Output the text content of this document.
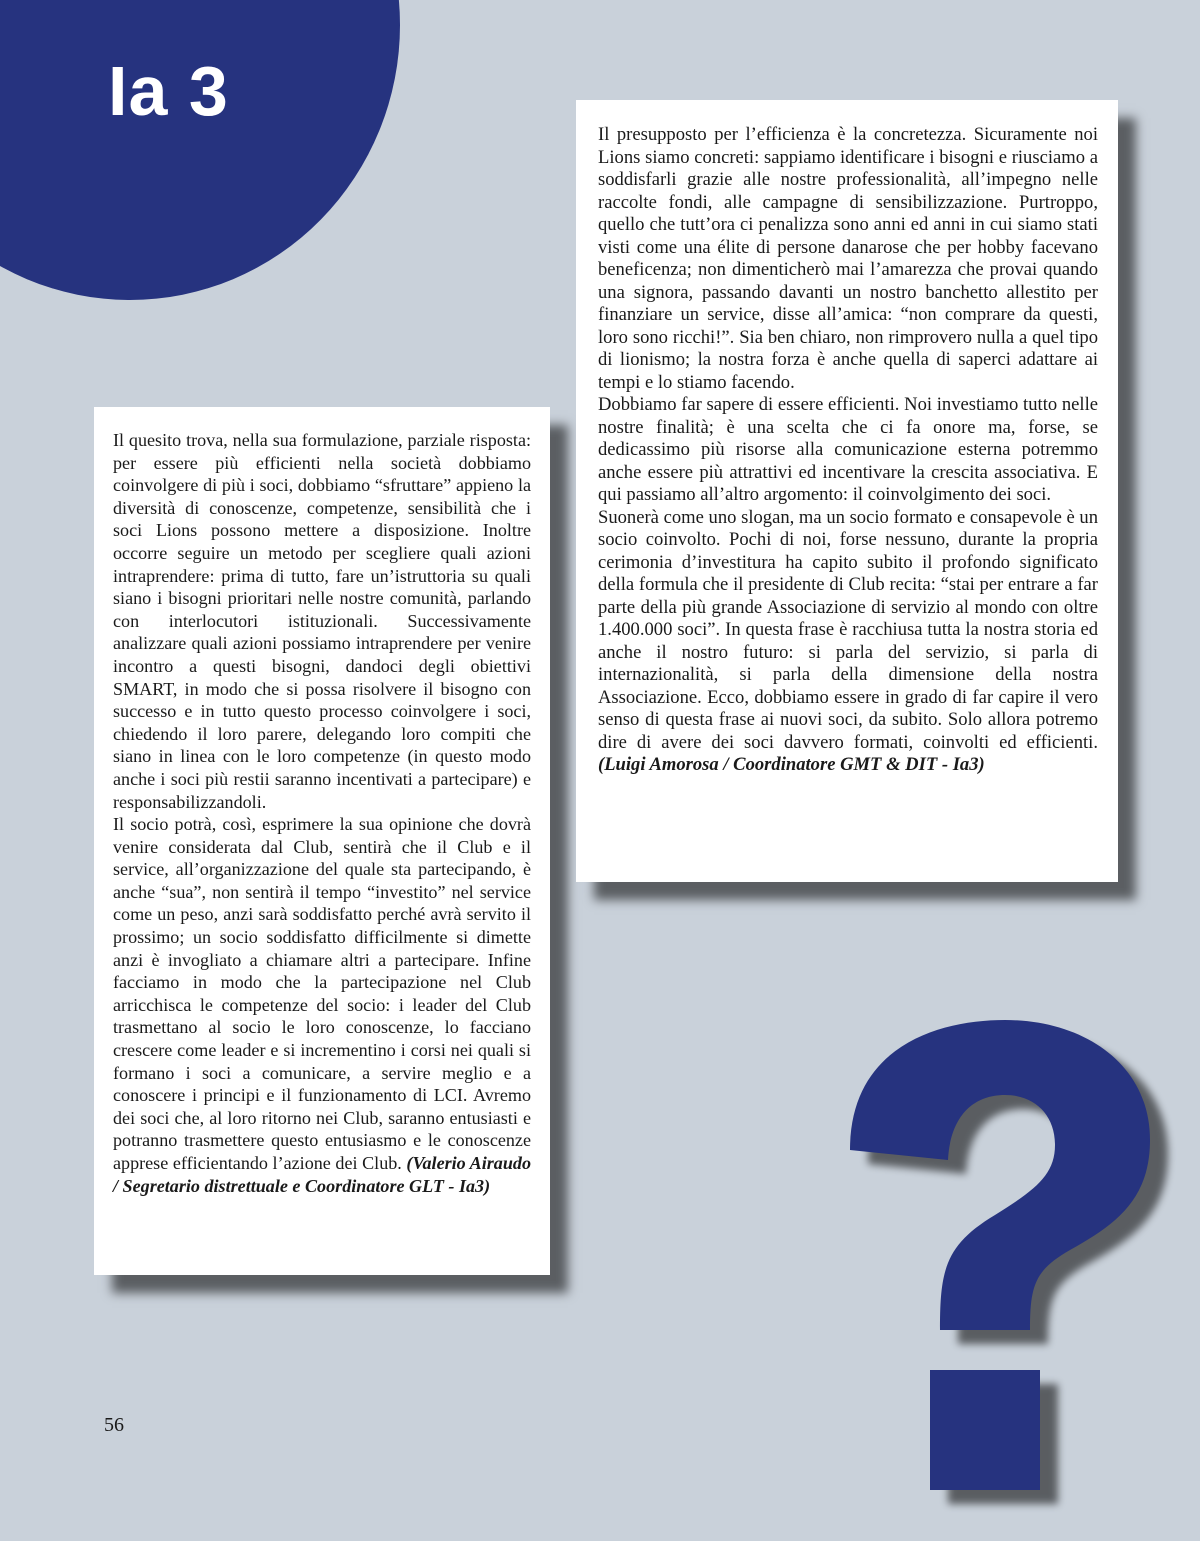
Ia 3

Il quesito trova, nella sua formulazione, parziale risposta: per essere più efficienti nella società dobbiamo coinvolgere di più i soci, dobbiamo “sfruttare” appieno la diversità di conoscenze, competenze, sensibilità che i soci Lions possono mettere a disposizione. Inoltre occorre seguire un metodo per scegliere quali azioni intraprendere: prima di tutto, fare un’istruttoria su quali siano i bisogni prioritari nelle nostre comunità, parlando con interlocutori istituzionali. Successivamente analizzare quali azioni possiamo intraprendere per venire incontro a questi bisogni, dandoci degli obiettivi SMART, in modo che si possa risolvere il bisogno con successo e in tutto questo processo coinvolgere i soci, chiedendo il loro parere, delegando loro compiti che siano in linea con le loro competenze (in questo modo anche i soci più restii saranno incentivati a partecipare) e responsabilizzandoli.

Il socio potrà, così, esprimere la sua opinione che dovrà venire considerata dal Club, sentirà che il Club e il service, all’organizzazione del quale sta partecipando, è anche “sua”, non sentirà il tempo “investito” nel service come un peso, anzi sarà soddisfatto perché avrà servito il prossimo; un socio soddisfatto difficilmente si dimette anzi è invogliato a chiamare altri a partecipare. Infine facciamo in modo che la partecipazione nel Club arricchisca le competenze del socio: i leader del Club trasmettano al socio le loro conoscenze, lo facciano crescere come leader e si incrementino i corsi nei quali si formano i soci a comunicare, a servire meglio e a conoscere i principi e il funzionamento di LCI. Avremo dei soci che, al loro ritorno nei Club, saranno entusiasti e potranno trasmettere questo entusiasmo e le conoscenze apprese efficientando l’azione dei Club. (Valerio Airaudo / Segretario distrettuale e Coordinatore GLT - Ia3)

Il presupposto per l’efficienza è la concretezza. Sicuramente noi Lions siamo concreti: sappiamo identificare i bisogni e riusciamo a soddisfarli grazie alle nostre professionalità, all’impegno nelle raccolte fondi, alle campagne di sensibilizzazione. Purtroppo, quello che tutt’ora ci penalizza sono anni ed anni in cui siamo stati visti come una élite di persone danarose che per hobby facevano beneficenza; non dimenticherò mai l’amarezza che provai quando una signora, passando davanti un nostro banchetto allestito per finanziare un service, disse all’amica: “non comprare da questi, loro sono ricchi!”. Sia ben chiaro, non rimprovero nulla a quel tipo di lionismo; la nostra forza è anche quella di saperci adattare ai tempi e lo stiamo facendo.

Dobbiamo far sapere di essere efficienti. Noi investiamo tutto nelle nostre finalità; è una scelta che ci fa onore ma, forse, se dedicassimo più risorse alla comunicazione esterna potremmo anche essere più attrattivi ed incentivare la crescita associativa. E qui passiamo all’altro argomento: il coinvolgimento dei soci.

Suonerà come uno slogan, ma un socio formato e consapevole è un socio coinvolto. Pochi di noi, forse nessuno, durante la propria cerimonia d’investitura ha capito subito il profondo significato della formula che il presidente di Club recita: “stai per entrare a far parte della più grande Associazione di servizio al mondo con oltre 1.400.000 soci”. In questa frase è racchiusa tutta la nostra storia ed anche il nostro futuro: si parla del servizio, si parla di internazionalità, si parla della dimensione della nostra Associazione. Ecco, dobbiamo essere in grado di far capire il vero senso di questa frase ai nuovi soci, da subito. Solo allora potremo dire di avere dei soci davvero formati, coinvolti ed efficienti. (Luigi Amorosa / Coordinatore GMT & DIT - Ia3)

56
